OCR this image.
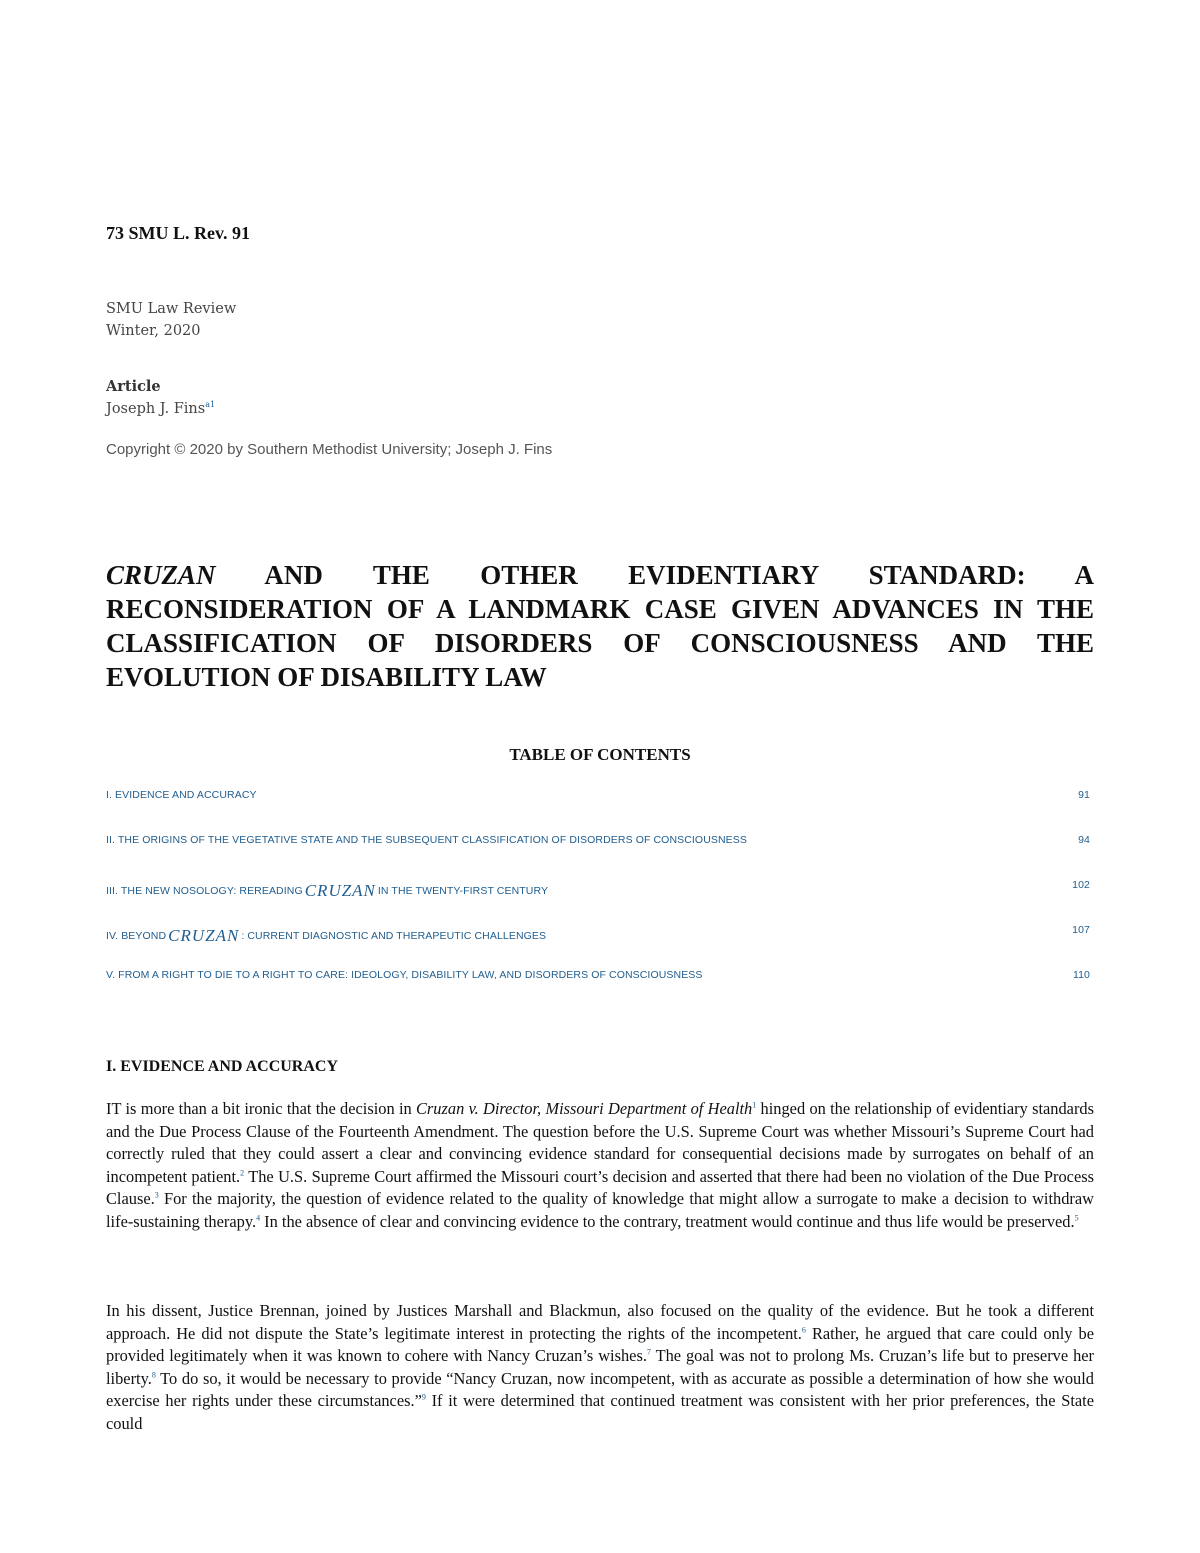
73 SMU L. Rev. 91
SMU Law Review
Winter, 2020
Article
Joseph J. Fins$^{a1}$
Copyright © 2020 by Southern Methodist University; Joseph J. Fins
CRUZAN AND THE OTHER EVIDENTIARY STANDARD: A RECONSIDERATION OF A LANDMARK CASE GIVEN ADVANCES IN THE CLASSIFICATION OF DISORDERS OF CONSCIOUSNESS AND THE EVOLUTION OF DISABILITY LAW
TABLE OF CONTENTS
I. EVIDENCE AND ACCURACY	91
II. THE ORIGINS OF THE VEGETATIVE STATE AND THE SUBSEQUENT CLASSIFICATION OF DISORDERS OF CONSCIOUSNESS	94
III. THE NEW NOSOLOGY: REREADING CRUZAN IN THE TWENTY-FIRST CENTURY	102
IV. BEYOND CRUZAN : CURRENT DIAGNOSTIC AND THERAPEUTIC CHALLENGES	107
V. FROM A RIGHT TO DIE TO A RIGHT TO CARE: IDEOLOGY, DISABILITY LAW, AND DISORDERS OF CONSCIOUSNESS	110
I. EVIDENCE AND ACCURACY
IT is more than a bit ironic that the decision in Cruzan v. Director, Missouri Department of Health$^1$ hinged on the relationship of evidentiary standards and the Due Process Clause of the Fourteenth Amendment. The question before the U.S. Supreme Court was whether Missouri’s Supreme Court had correctly ruled that they could assert a clear and convincing evidence standard for consequential decisions made by surrogates on behalf of an incompetent patient.$^2$ The U.S. Supreme Court affirmed the Missouri court’s decision and asserted that there had been no violation of the Due Process Clause.$^3$ For the majority, the question of evidence related to the quality of knowledge that might allow a surrogate to make a decision to withdraw life-sustaining therapy.$^4$ In the absence of clear and convincing evidence to the contrary, treatment would continue and thus life would be preserved.$^5$
In his dissent, Justice Brennan, joined by Justices Marshall and Blackmun, also focused on the quality of the evidence. But he took a different approach. He did not dispute the State’s legitimate interest in protecting the rights of the incompetent.$^6$ Rather, he argued that care could only be provided legitimately when it was known to cohere with Nancy Cruzan’s wishes.$^7$ The goal was not to prolong Ms. Cruzan’s life but to preserve her liberty.$^8$ To do so, it would be necessary to provide “Nancy Cruzan, now incompetent, with as accurate as possible a determination of how she would exercise her rights under these circumstances.”$^9$ If it were determined that continued treatment was consistent with her prior preferences, the State could
